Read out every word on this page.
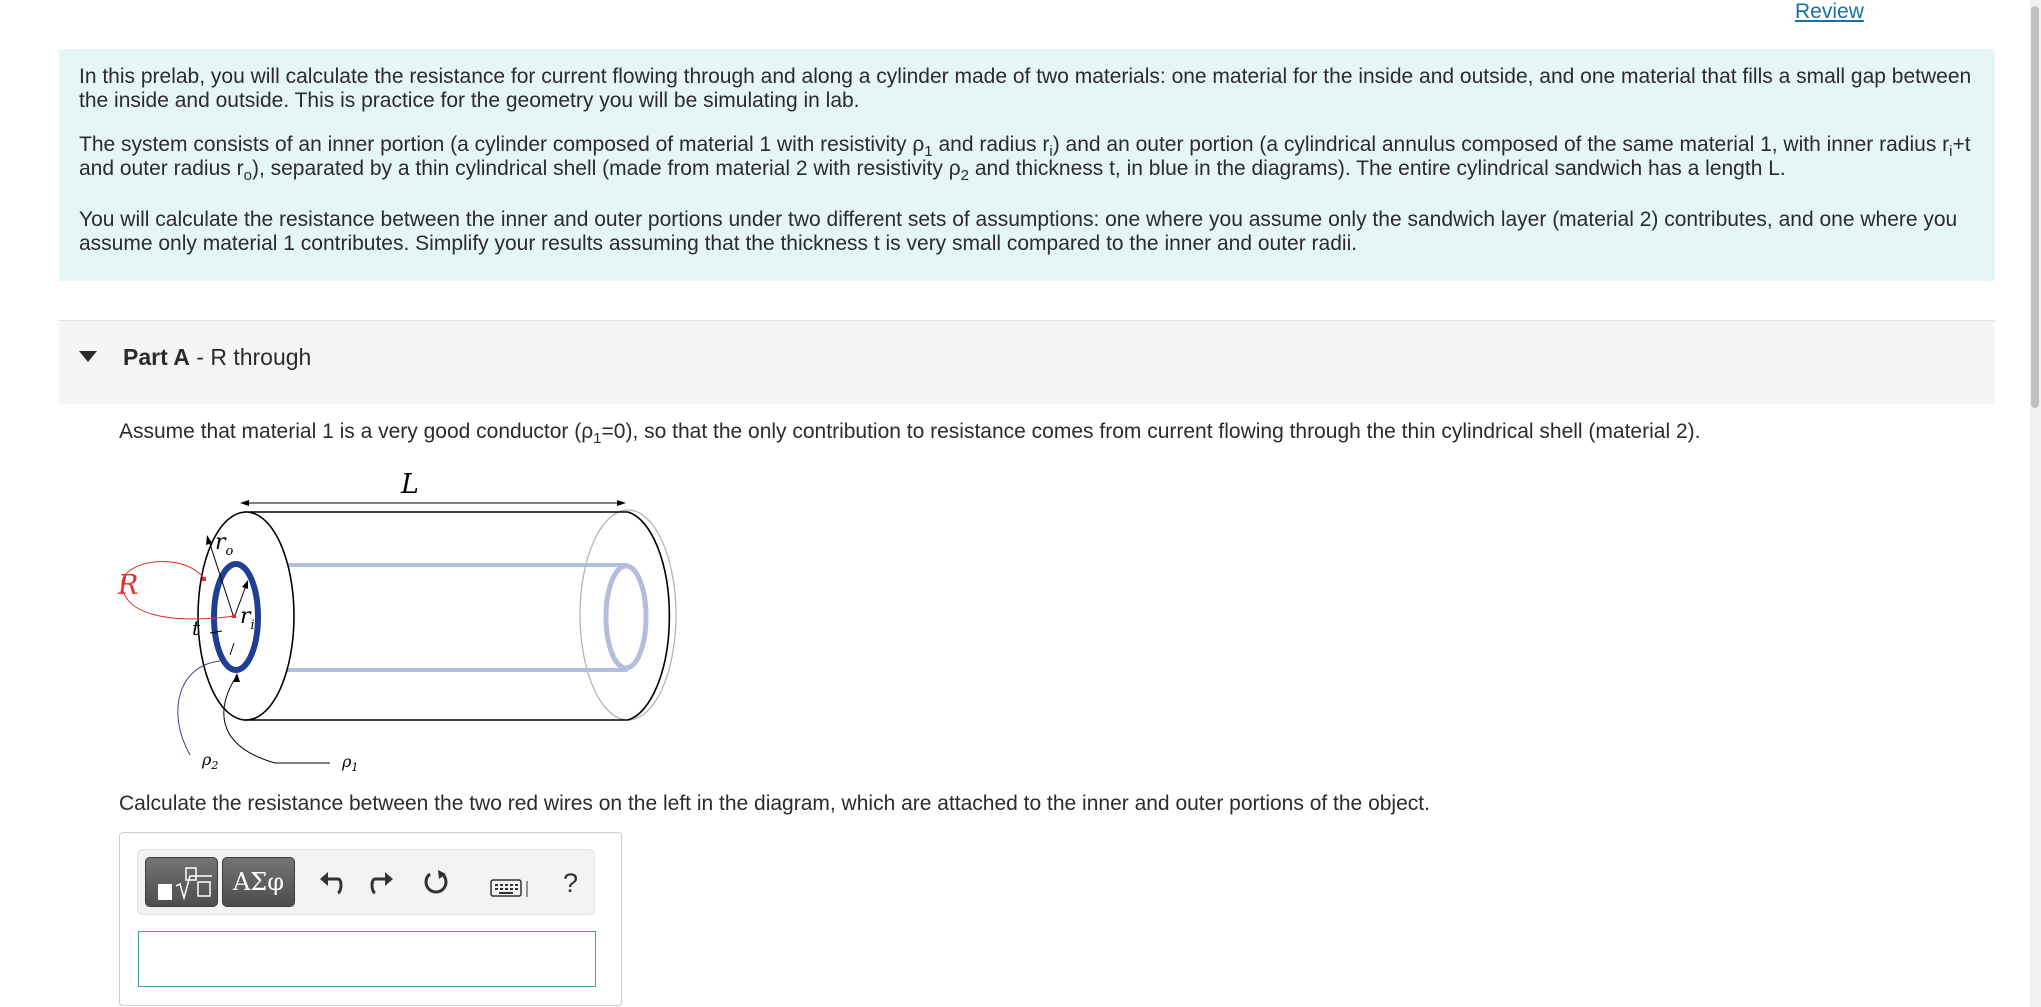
Review

In this prelab, you will calculate the resistance for current flowing through and along a cylinder made of two materials: one material for the inside and outside, and one material that fills a small gap between the inside and outside. This is practice for the geometry you will be simulating in lab.

The system consists of an inner portion (a cylinder composed of material 1 with resistivity $\rho_1$ and radius $r_i$) and an outer portion (a cylindrical annulus composed of the same material 1, with inner radius $r_i+t$ and outer radius $r_o$), separated by a thin cylindrical shell (made from material 2 with resistivity $\rho_2$ and thickness t, in blue in the diagrams). The entire cylindrical sandwich has a length L.

You will calculate the resistance between the inner and outer portions under two different sets of assumptions: one where you assume only the sandwich layer (material 2) contributes, and one where you assume only material 1 contributes. Simplify your results assuming that the thickness t is very small compared to the inner and outer radii.

Part A - R through
Assume that material 1 is a very good conductor $(\rho_1=0)$, so that the only contribution to resistance comes from current flowing through the thin cylindrical shell (material 2).
L
$r_o$
$r_i$
t
R
$\rho_2$	$\rho_1$
Calculate the resistance between the two red wires on the left in the diagram, which are attached to the inner and outer portions of the object.
ΑΣφ	?
